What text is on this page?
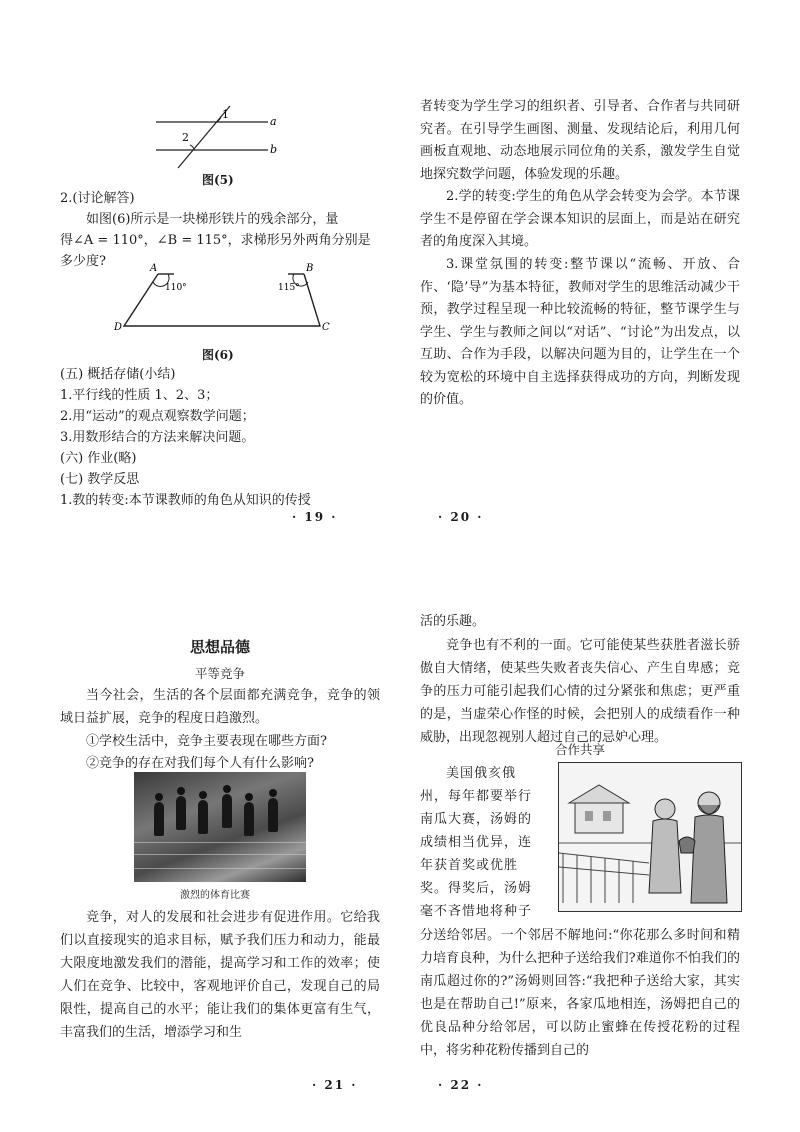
1
2
a
b
图(5)
2.(讨论解答)
如图(6)所示是一块梯形铁片的残余部分，量
得∠A = 110°，∠B = 115°，求梯形另外两角分别是
多少度?	A	B
C
D
110°	115°
图(6)
(五) 概括存储(小结)
1.平行线的性质 1、2、3；
2.用“运动”的观点观察数学问题；
3.用数形结合的方法来解决问题。
(六) 作业(略)
(七) 教学反思
1.教的转变:本节课教师的角色从知识的传授
· 19 ·

者转变为学生学习的组织者、引导者、合作者与共同研究者。在引导学生画图、测量、发现结论后，利用几何画板直观地、动态地展示同位角的关系，激发学生自觉地探究数学问题，体验发现的乐趣。

2.学的转变:学生的角色从学会转变为会学。本节课学生不是停留在学会课本知识的层面上，而是站在研究者的角度深入其境。

3.课堂氛围的转变:整节课以“流畅、开放、合作、‘隐’导”为基本特征，教师对学生的思维活动减少干预，教学过程呈现一种比较流畅的特征，整节课学生与学生、学生与教师之间以“对话”、“讨论”为出发点，以互助、合作为手段，以解决问题为目的，让学生在一个较为宽松的环境中自主选择获得成功的方向，判断发现的价值。

· 20 ·
思想品德
平等竞争

当今社会，生活的各个层面都充满竞争，竞争的领域日益扩展，竞争的程度日趋激烈。

①学校生活中，竞争主要表现在哪些方面?
②竞争的存在对我们每个人有什么影响?
激烈的体育比赛

竞争，对人的发展和社会进步有促进作用。它给我们以直接现实的追求目标，赋予我们压力和动力，能最大限度地激发我们的潜能，提高学习和工作的效率；使人们在竞争、比较中，客观地评价自己，发现自己的局限性，提高自己的水平；能让我们的集体更富有生气，丰富我们的生活，增添学习和生

· 21 ·
活的乐趣。

竞争也有不利的一面。它可能使某些获胜者滋长骄傲自大情绪，使某些失败者丧失信心、产生自卑感；竞争的压力可能引起我们心情的过分紧张和焦虑；更严重的是，当虚荣心作怪的时候，会把别人的成绩看作一种威胁，出现忽视别人超过自己的忌妒心理。

合作共享
美国俄亥俄
州，每年都要举行
南瓜大赛，汤姆的
成绩相当优异，连
年获首奖或优胜
奖。得奖后，汤姆
毫不吝惜地将种子

分送给邻居。一个邻居不解地问:“你花那么多时间和精力培育良种，为什么把种子送给我们?难道你不怕我们的南瓜超过你的?”汤姆则回答:“我把种子送给大家，其实也是在帮助自己!”原来，各家瓜地相连，汤姆把自己的优良品种分给邻居，可以防止蜜蜂在传授花粉的过程中，将劣种花粉传播到自己的

· 22 ·
